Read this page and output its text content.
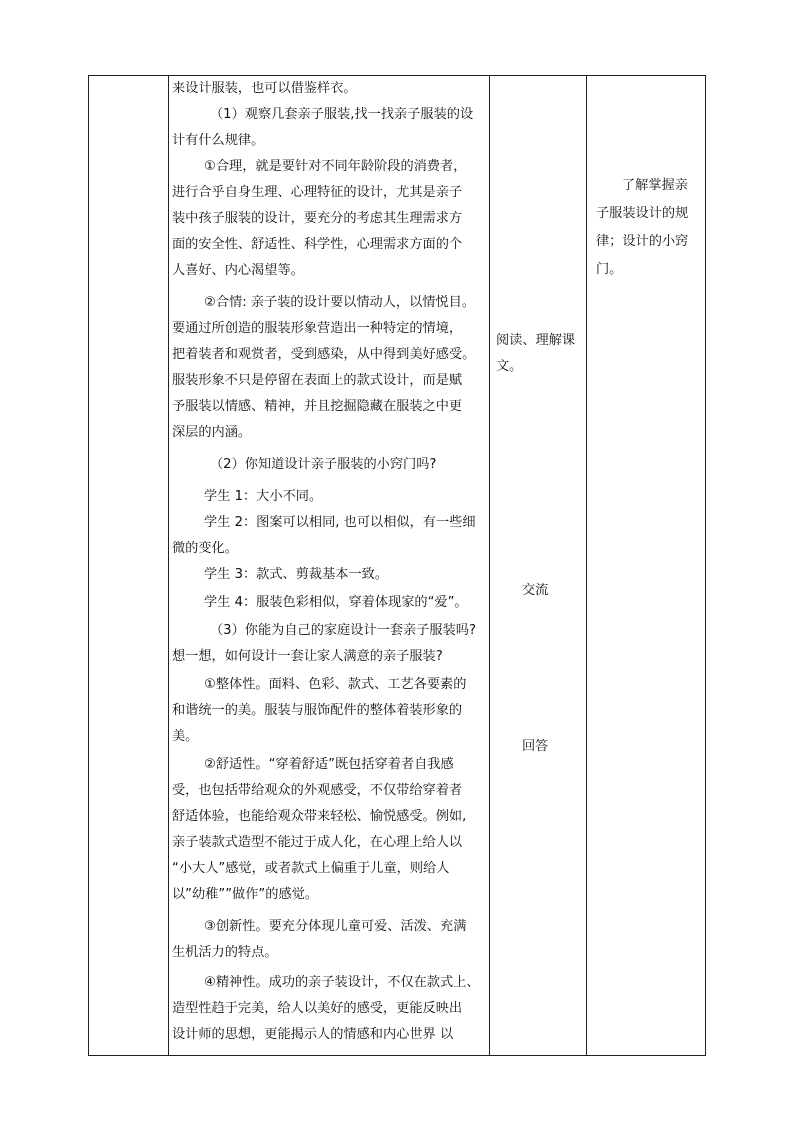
来设计服装，也可以借鉴样衣。
（1）观察几套亲子服装,找一找亲子服装的设
计有什么规律。
①合理，就是要针对不同年龄阶段的消费者，
进行合乎自身生理、心理特征的设计，尤其是亲子
装中孩子服装的设计，要充分的考虑其生理需求方
面的安全性、舒适性、科学性，心理需求方面的个
人喜好、内心渴望等。
②合情: 亲子装的设计要以情动人，以情悦目。
要通过所创造的服装形象营造出一种特定的情境，
把着装者和观赏者，受到感染，从中得到美好感受。
服装形象不只是停留在表面上的款式设计，而是赋
予服装以情感、精神，并且挖掘隐藏在服装之中更
深层的内涵。
（2）你知道设计亲子服装的小窍门吗?
学生 1：大小不同。
学生 2：图案可以相同, 也可以相似，有一些细
微的变化。
学生 3：款式、剪裁基本一致。
学生 4：服装色彩相似，穿着体现家的“爱”。
（3）你能为自己的家庭设计一套亲子服装吗?
想一想，如何设计一套让家人满意的亲子服装?
①整体性。面料、色彩、款式、工艺各要素的
和谐统一的美。服装与服饰配件的整体着装形象的
美。
②舒适性。“穿着舒适”既包括穿着者自我感
受，也包括带给观众的外观感受，不仅带给穿着者
舒适体验，也能给观众带来轻松、愉悦感受。例如,
亲子装款式造型不能过于成人化，在心理上给人以
“小大人”感觉，或者款式上偏重于儿童，则给人
以”幼稚””做作”的感觉。
③创新性。要充分体现儿童可爱、活泼、充满
生机活力的特点。
④精神性。成功的亲子装设计，不仅在款式上、
造型性趋于完美，给人以美好的感受，更能反映出
设计师的思想，更能揭示人的情感和内心世界 以
阅读、理解课
文。
交流
回答
了解掌握亲
子服装设计的规
律；设计的小窍
门。
